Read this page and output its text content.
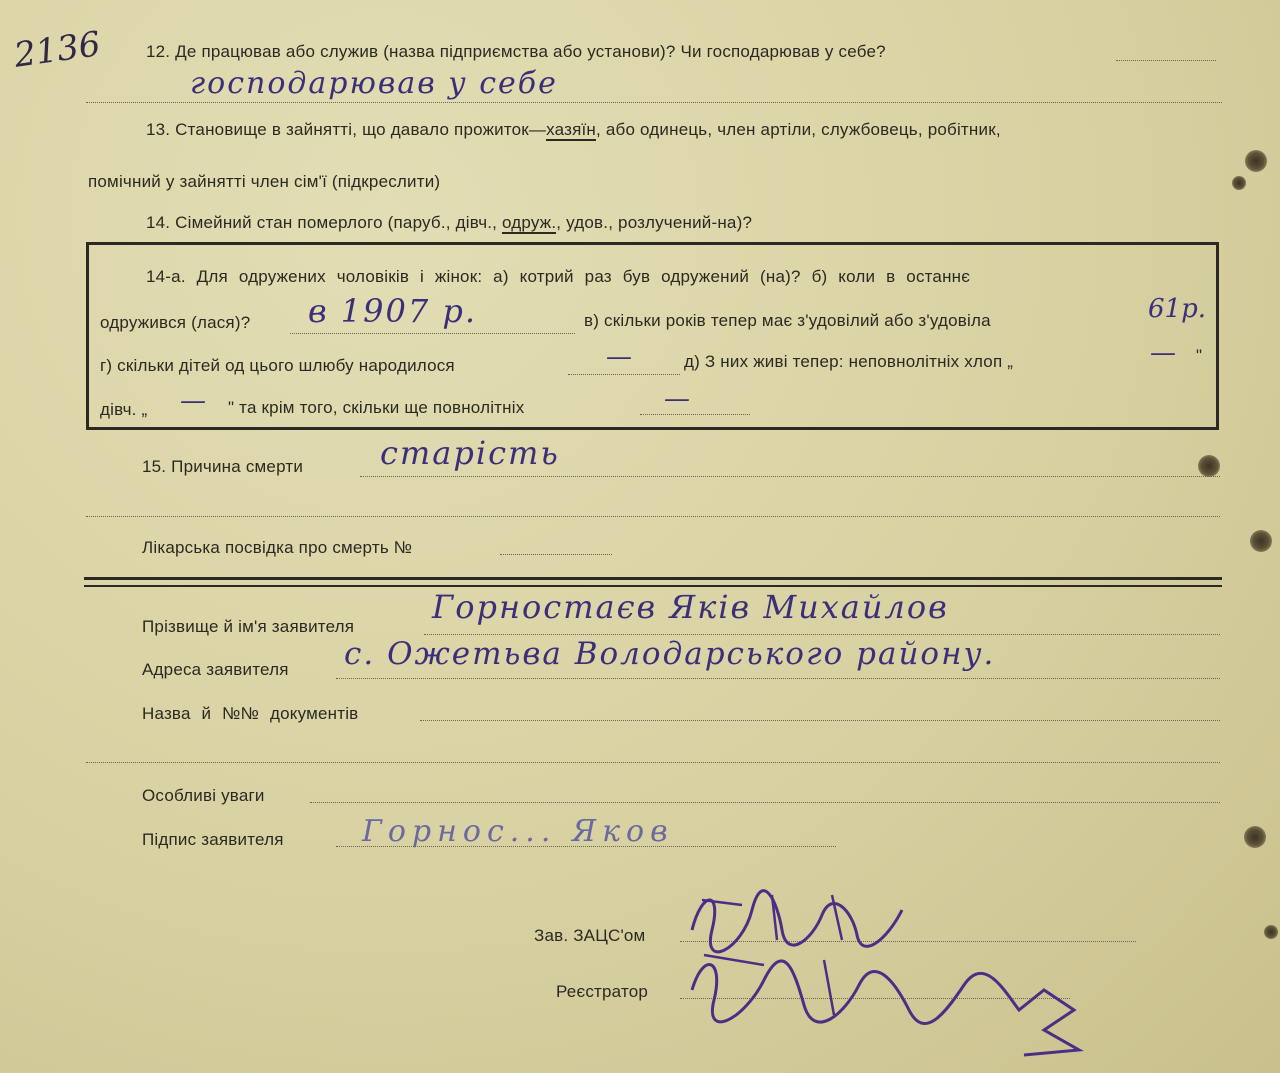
2136	12. Де працював або служив (назва підприємства або установи)? Чи господарював у себе?
господарював у себе
13. Становище в зайнятті, що давало прожиток—хазяїн, або одинець, член артіли, службовець, робітник,
помічний у зайнятті член сім'ї (підкреслити)
14. Сімейний стан померлого (паруб., дівч., одруж., удов., розлучений-на)?
14-а. Для одружених чоловіків і жінок: а) котрий раз був одружений (на)? б) коли в останнє
одружився (лася)? в 1907 р.	в) скільки років тепер має з'удовілий або з'удовіла	61р.
г) скільки дітей од цього шлюбу народилося	—	д) З них живі тепер: неповнолітніх хлоп „	— "
дівч. „ — " та крім того, скільки ще повнолітніх	—
15. Причина смерти старість
Лікарська посвідка про смерть №
Прізвище й ім'я заявителя
Горностаєв Яків Михайлов
Адреса заявителя с. Ожетьва Володарського району.
Назва й №№ документів
Особливі уваги
Підпис заявителя	Горнос... Яков
Зав. ЗАЦС'ом
Реєстратор
